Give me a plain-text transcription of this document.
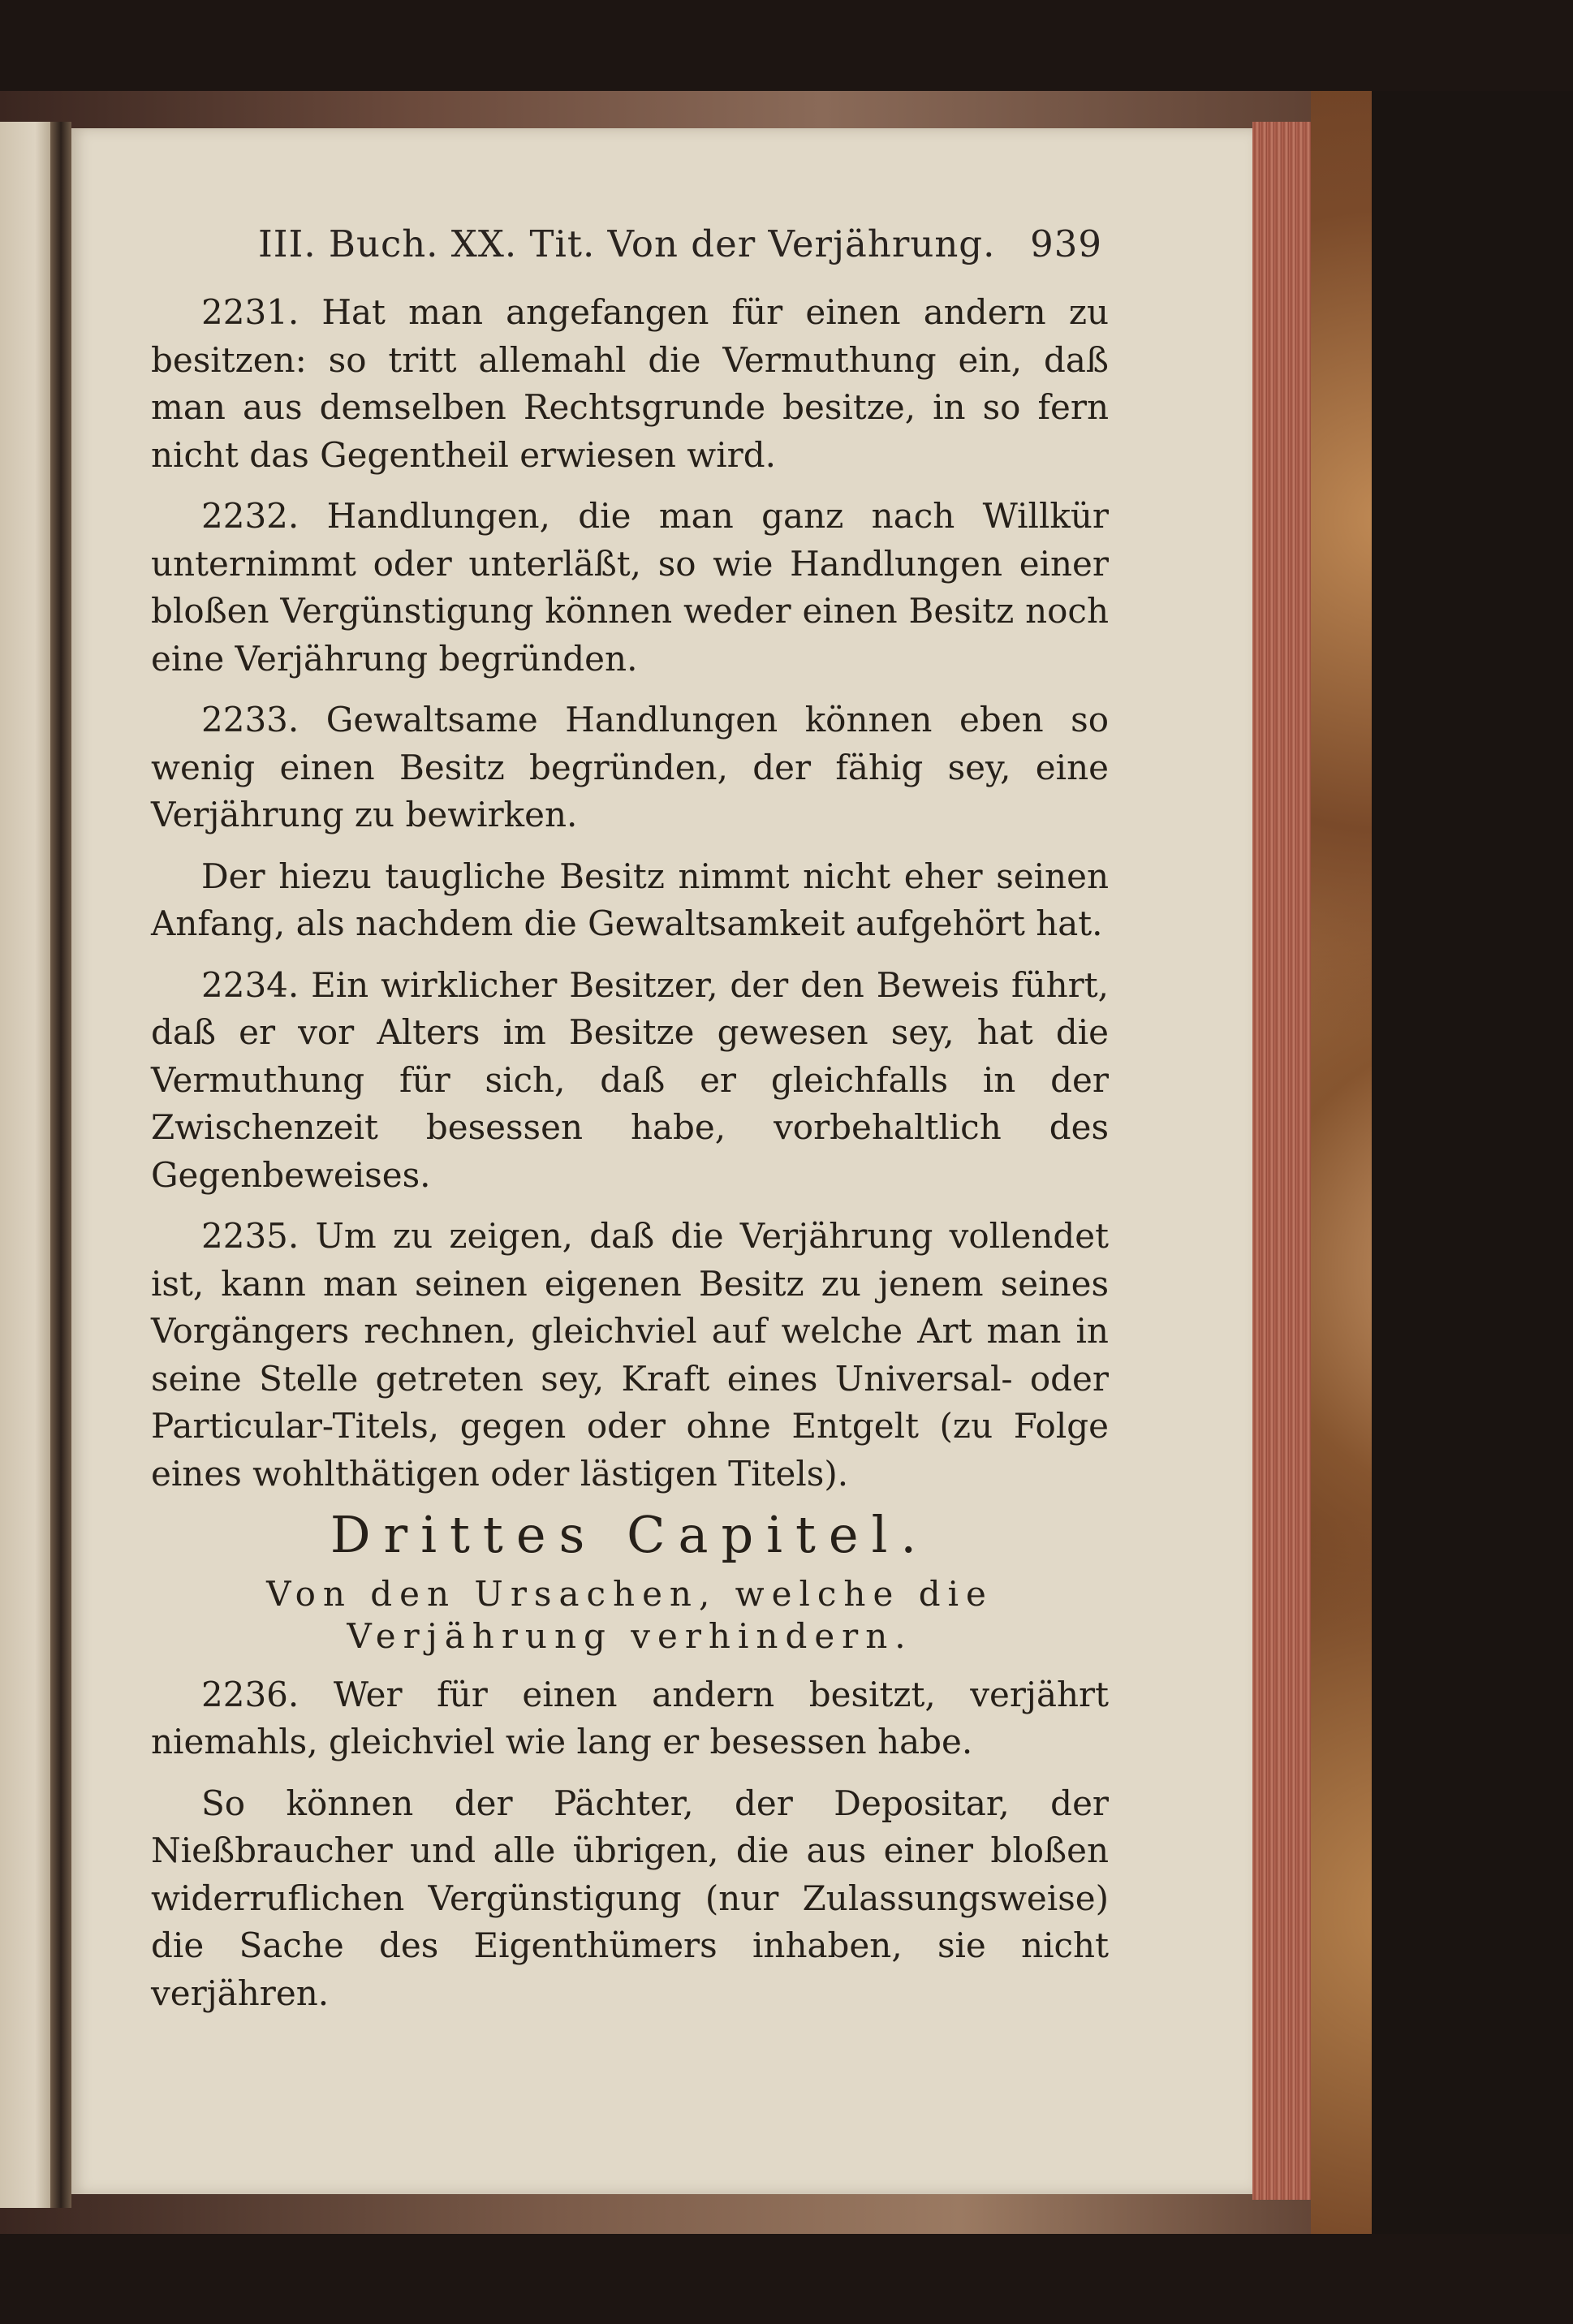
III. Buch. XX. Tit. Von der Verjährung. 939

2231. Hat man angefangen für einen andern zu besitzen: so tritt allemahl die Vermuthung ein, daß man aus demselben Rechtsgrunde besitze, in so fern nicht das Gegentheil erwiesen wird.

2232. Handlungen, die man ganz nach Willkür unternimmt oder unterläßt, so wie Handlungen einer bloßen Vergünstigung können weder einen Besitz noch eine Verjährung begründen.

2233. Gewaltsame Handlungen können eben so wenig einen Besitz begründen, der fähig sey, eine Verjährung zu bewirken.

Der hiezu taugliche Besitz nimmt nicht eher seinen Anfang, als nachdem die Gewaltsamkeit aufgehört hat.

2234. Ein wirklicher Besitzer, der den Beweis führt, daß er vor Alters im Besitze gewesen sey, hat die Vermuthung für sich, daß er gleichfalls in der Zwischenzeit besessen habe, vorbehaltlich des Gegenbeweises.

2235. Um zu zeigen, daß die Verjährung vollendet ist, kann man seinen eigenen Besitz zu jenem seines Vorgängers rechnen, gleichviel auf welche Art man in seine Stelle getreten sey, Kraft eines Universal- oder Particular-Titels, gegen oder ohne Entgelt (zu Folge eines wohlthätigen oder lästigen Titels).

Drittes Capitel.

Von den Ursachen, welche die Verjährung verhindern.

2236. Wer für einen andern besitzt, verjährt niemahls, gleichviel wie lang er besessen habe.

So können der Pächter, der Depositar, der Nießbraucher und alle übrigen, die aus einer bloßen widerruflichen Vergünstigung (nur Zulassungsweise) die Sache des Eigenthümers inhaben, sie nicht verjähren.
